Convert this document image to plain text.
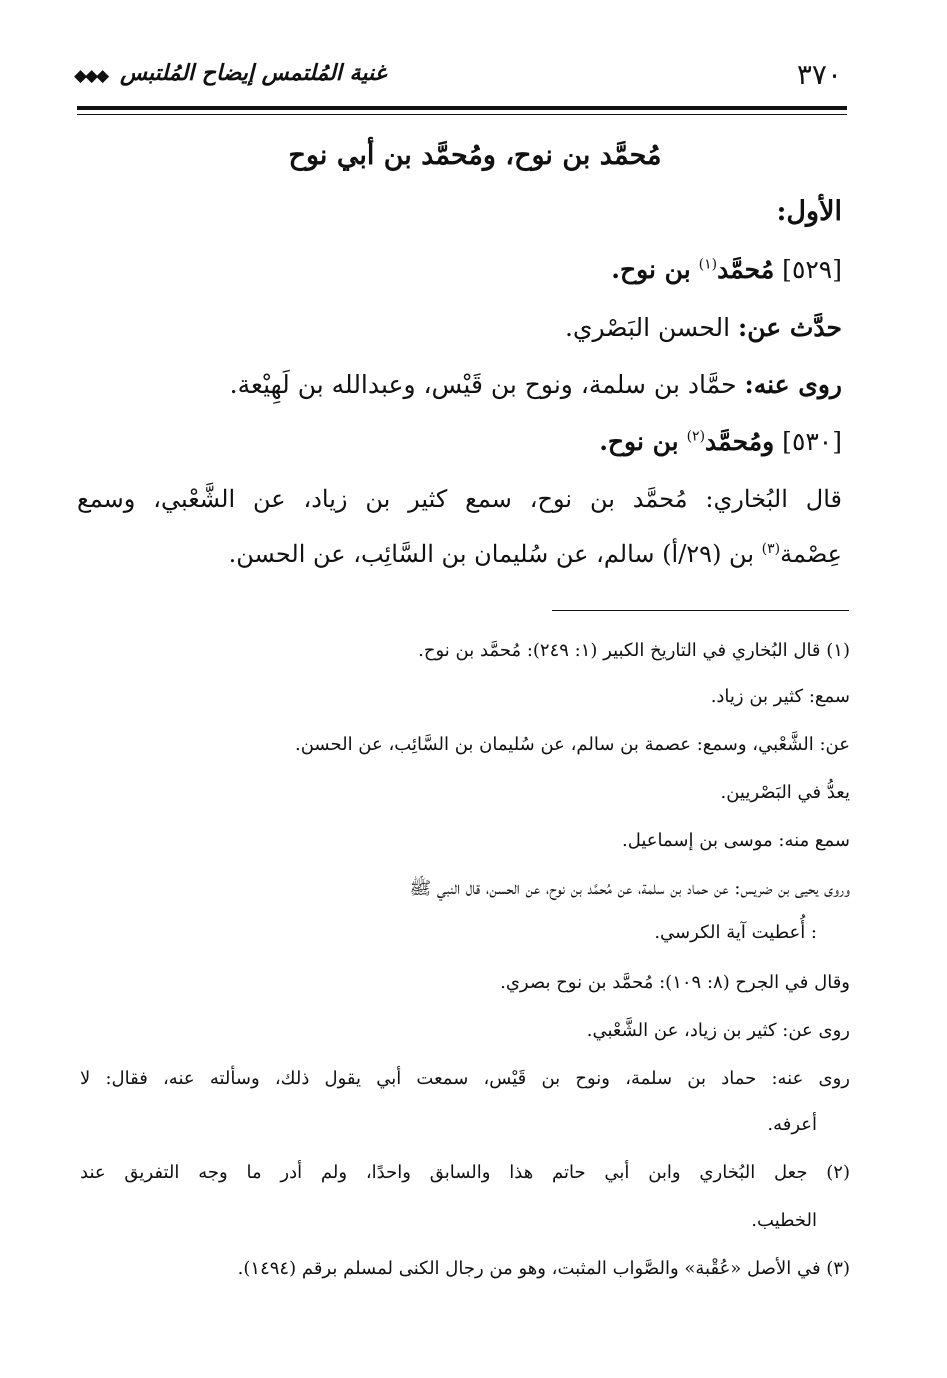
٣٧٠
غنية المُلتمس إيضاح المُلتبس
◆◆◆
مُحمَّد بن نوح، ومُحمَّد بن أبي نوح
الأول:
[٥٢٩] مُحمَّد$^{(١)}$ بن نوح.
حدَّث عن: الحسن البَصْري.
روى عنه: حمَّاد بن سلمة، ونوح بن قَيْس، وعبدالله بن لَهِيْعة.
[٥٣٠] ومُحمَّد$^{(٢)}$ بن نوح.
قال البُخاري: مُحمَّد بن نوح، سمع كثير بن زياد، عن الشَّعْبي، وسمع
عِصْمة$^{(٣)}$ بن (٢٩/أ) سالم، عن سُليمان بن السَّائِب، عن الحسن.
(١) قال البُخاري في التاريخ الكبير (١: ٢٤٩): مُحمَّد بن نوح.
سمع: كثير بن زياد.
عن: الشَّعْبي، وسمع: عصمة بن سالم، عن سُليمان بن السَّائِب، عن الحسن.
يعدُّ في البَصْريين.
سمع منه: موسى بن إسماعيل.
وروى يحيى بن ضريس: عن حماد بن سلمة، عن مُحمَّد بن نوح، عن الحسن، قال النبي ﷺ
: أُعطيت آية الكرسي.
وقال في الجرح (٨: ١٠٩): مُحمَّد بن نوح بصري.
روى عن: كثير بن زياد، عن الشَّعْبي.
روى عنه: حماد بن سلمة، ونوح بن قَيْس، سمعت أبي يقول ذلك، وسألته عنه، فقال: لا
أعرفه.
(٢) جعل البُخاري وابن أبي حاتم هذا والسابق واحدًا، ولم أدر ما وجه التفريق عند
الخطيب.
(٣) في الأصل «عُقْبة» والصَّواب المثبت، وهو من رجال الكنى لمسلم برقم (١٤٩٤).
